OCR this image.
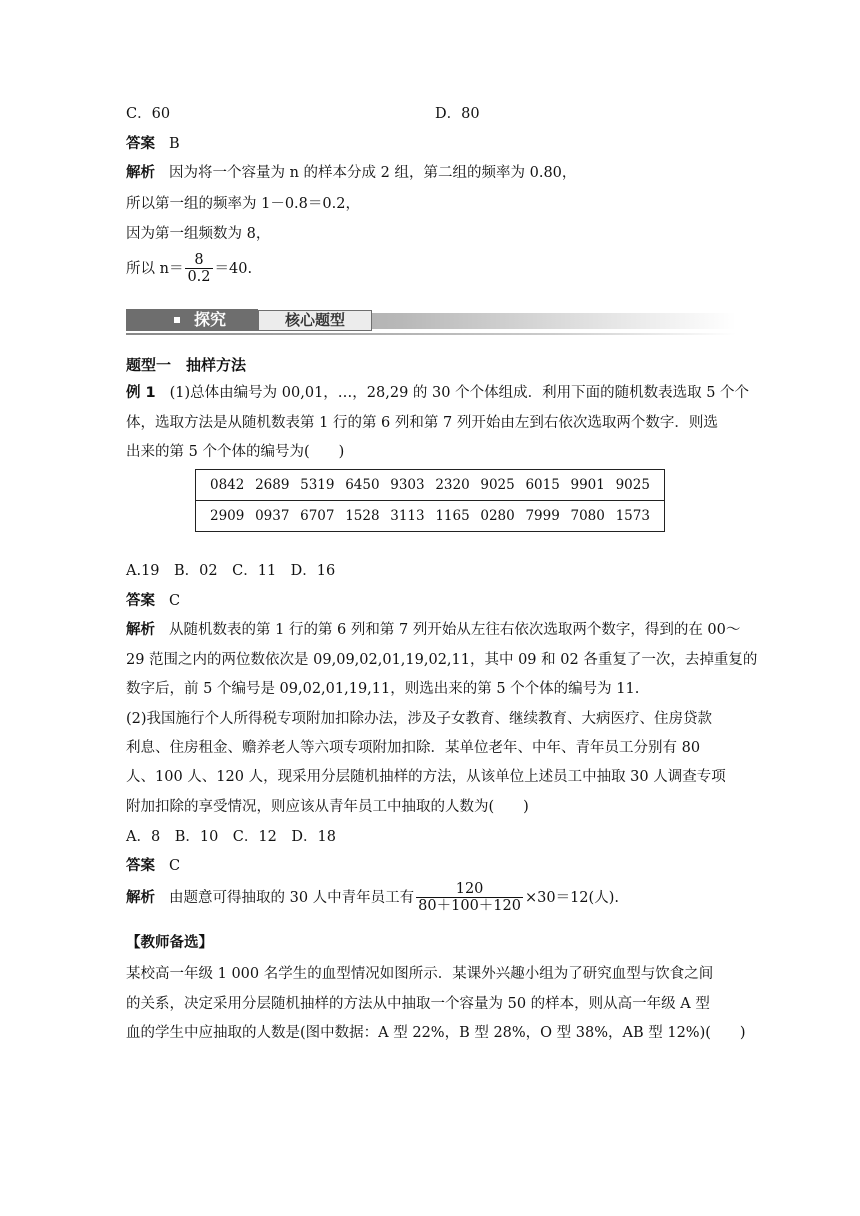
C．60	D．80
答案 B
解析 因为将一个容量为 n 的样本分成 2 组，第二组的频率为 0.80，
所以第一组的频率为 1－0.8＝0.2，
因为第一组频数为 8，
所以 $n= \frac{8}{0.2} =40$.
探究	核心题型
题型一　抽样方法
例 1 (1)总体由编号为 00,01，…，28,29 的 30 个个体组成．利用下面的随机数表选取 5 个个
体，选取方法是从随机数表第 1 行的第 6 列和第 7 列开始由左到右依次选取两个数字．则选
出来的第 5 个个体的编号为(　　)
0842 2689 5319 6450 9303 2320 9025 6015 9901 9025

2909 0937 6707 1528 3113 1165 0280 7999 7080 1573
A.19　B．02　C．11　D．16
答案 C
解析 从随机数表的第 1 行的第 6 列和第 7 列开始从左往右依次选取两个数字，得到的在 00～
29 范围之内的两位数依次是 09,09,02,01,19,02,11，其中 09 和 02 各重复了一次，去掉重复的
数字后，前 5 个编号是 09,02,01,19,11，则选出来的第 5 个个体的编号为 11.
(2)我国施行个人所得税专项附加扣除办法，涉及子女教育、继续教育、大病医疗、住房贷款
利息、住房租金、赡养老人等六项专项附加扣除．某单位老年、中年、青年员工分别有 80
人、100 人、120 人，现采用分层随机抽样的方法，从该单位上述员工中抽取 30 人调查专项
附加扣除的享受情况，则应该从青年员工中抽取的人数为(　　)
A．8　B．10　C．12　D．18
答案 C
解析 由题意可得抽取的 30 人中青年员工有 $\frac{120}{80+100+120} \times 30=12$(人).
【教师备选】
某校高一年级 1 000 名学生的血型情况如图所示．某课外兴趣小组为了研究血型与饮食之间
的关系，决定采用分层随机抽样的方法从中抽取一个容量为 50 的样本，则从高一年级 A 型
血的学生中应抽取的人数是(图中数据：A 型 22%，B 型 28%，O 型 38%，AB 型 12%)(　　)
